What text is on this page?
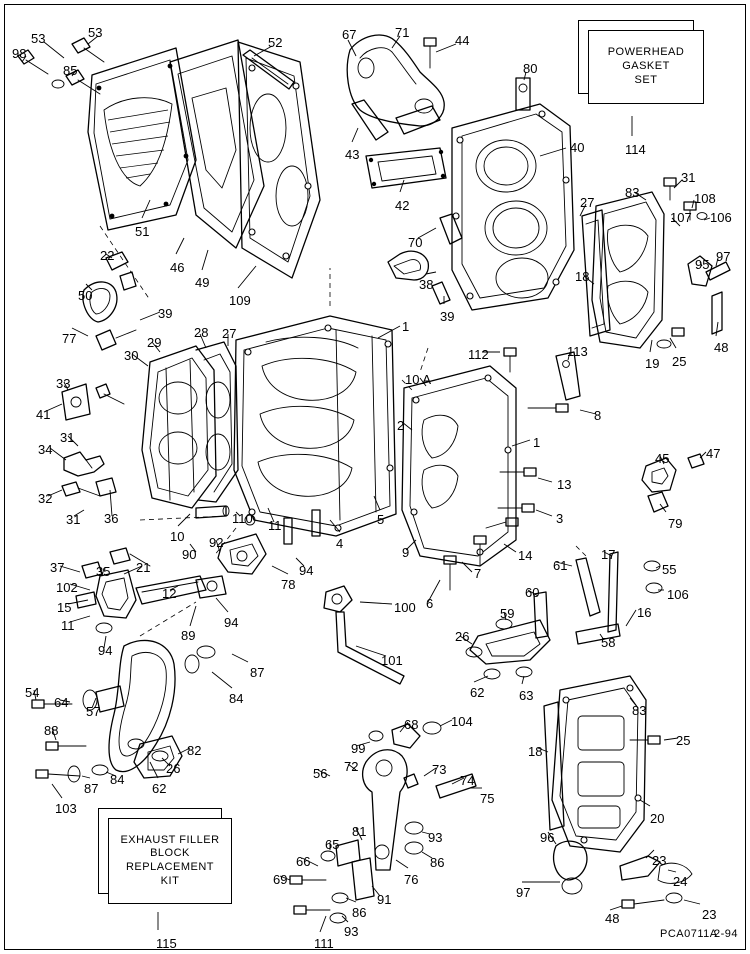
POWERHEAD
GASKET
SET
EXHAUST FILLER
BLOCK
REPLACEMENT
KIT
PCA0711A
2-94
98
53	53
85
52
67	71
44
80
114
40
31
83	108
107 106
27
95
97
18
48
19 25
51
46
49
109
43
42
70
38
39
22
50
77
39
29
30
28 27	1
33
41
31
34
32
31 36
35
37
102
15
11
94
21
12
89
94
10
110 11
90
92
78
94
4
5
2
10 A
112	113
8
1
13
3
14
7
6
9
61
17
55
106
16
58
60
59
26
62	63
45	47
79
100
101
87
84
54
64
57
88
87
84
62
26
82
103
115
56 72
99
68	104
73
74
75
93
86
76
81
65
66
69
91
86
93
111
18
83
25
20
96
97
23
24
48	23
